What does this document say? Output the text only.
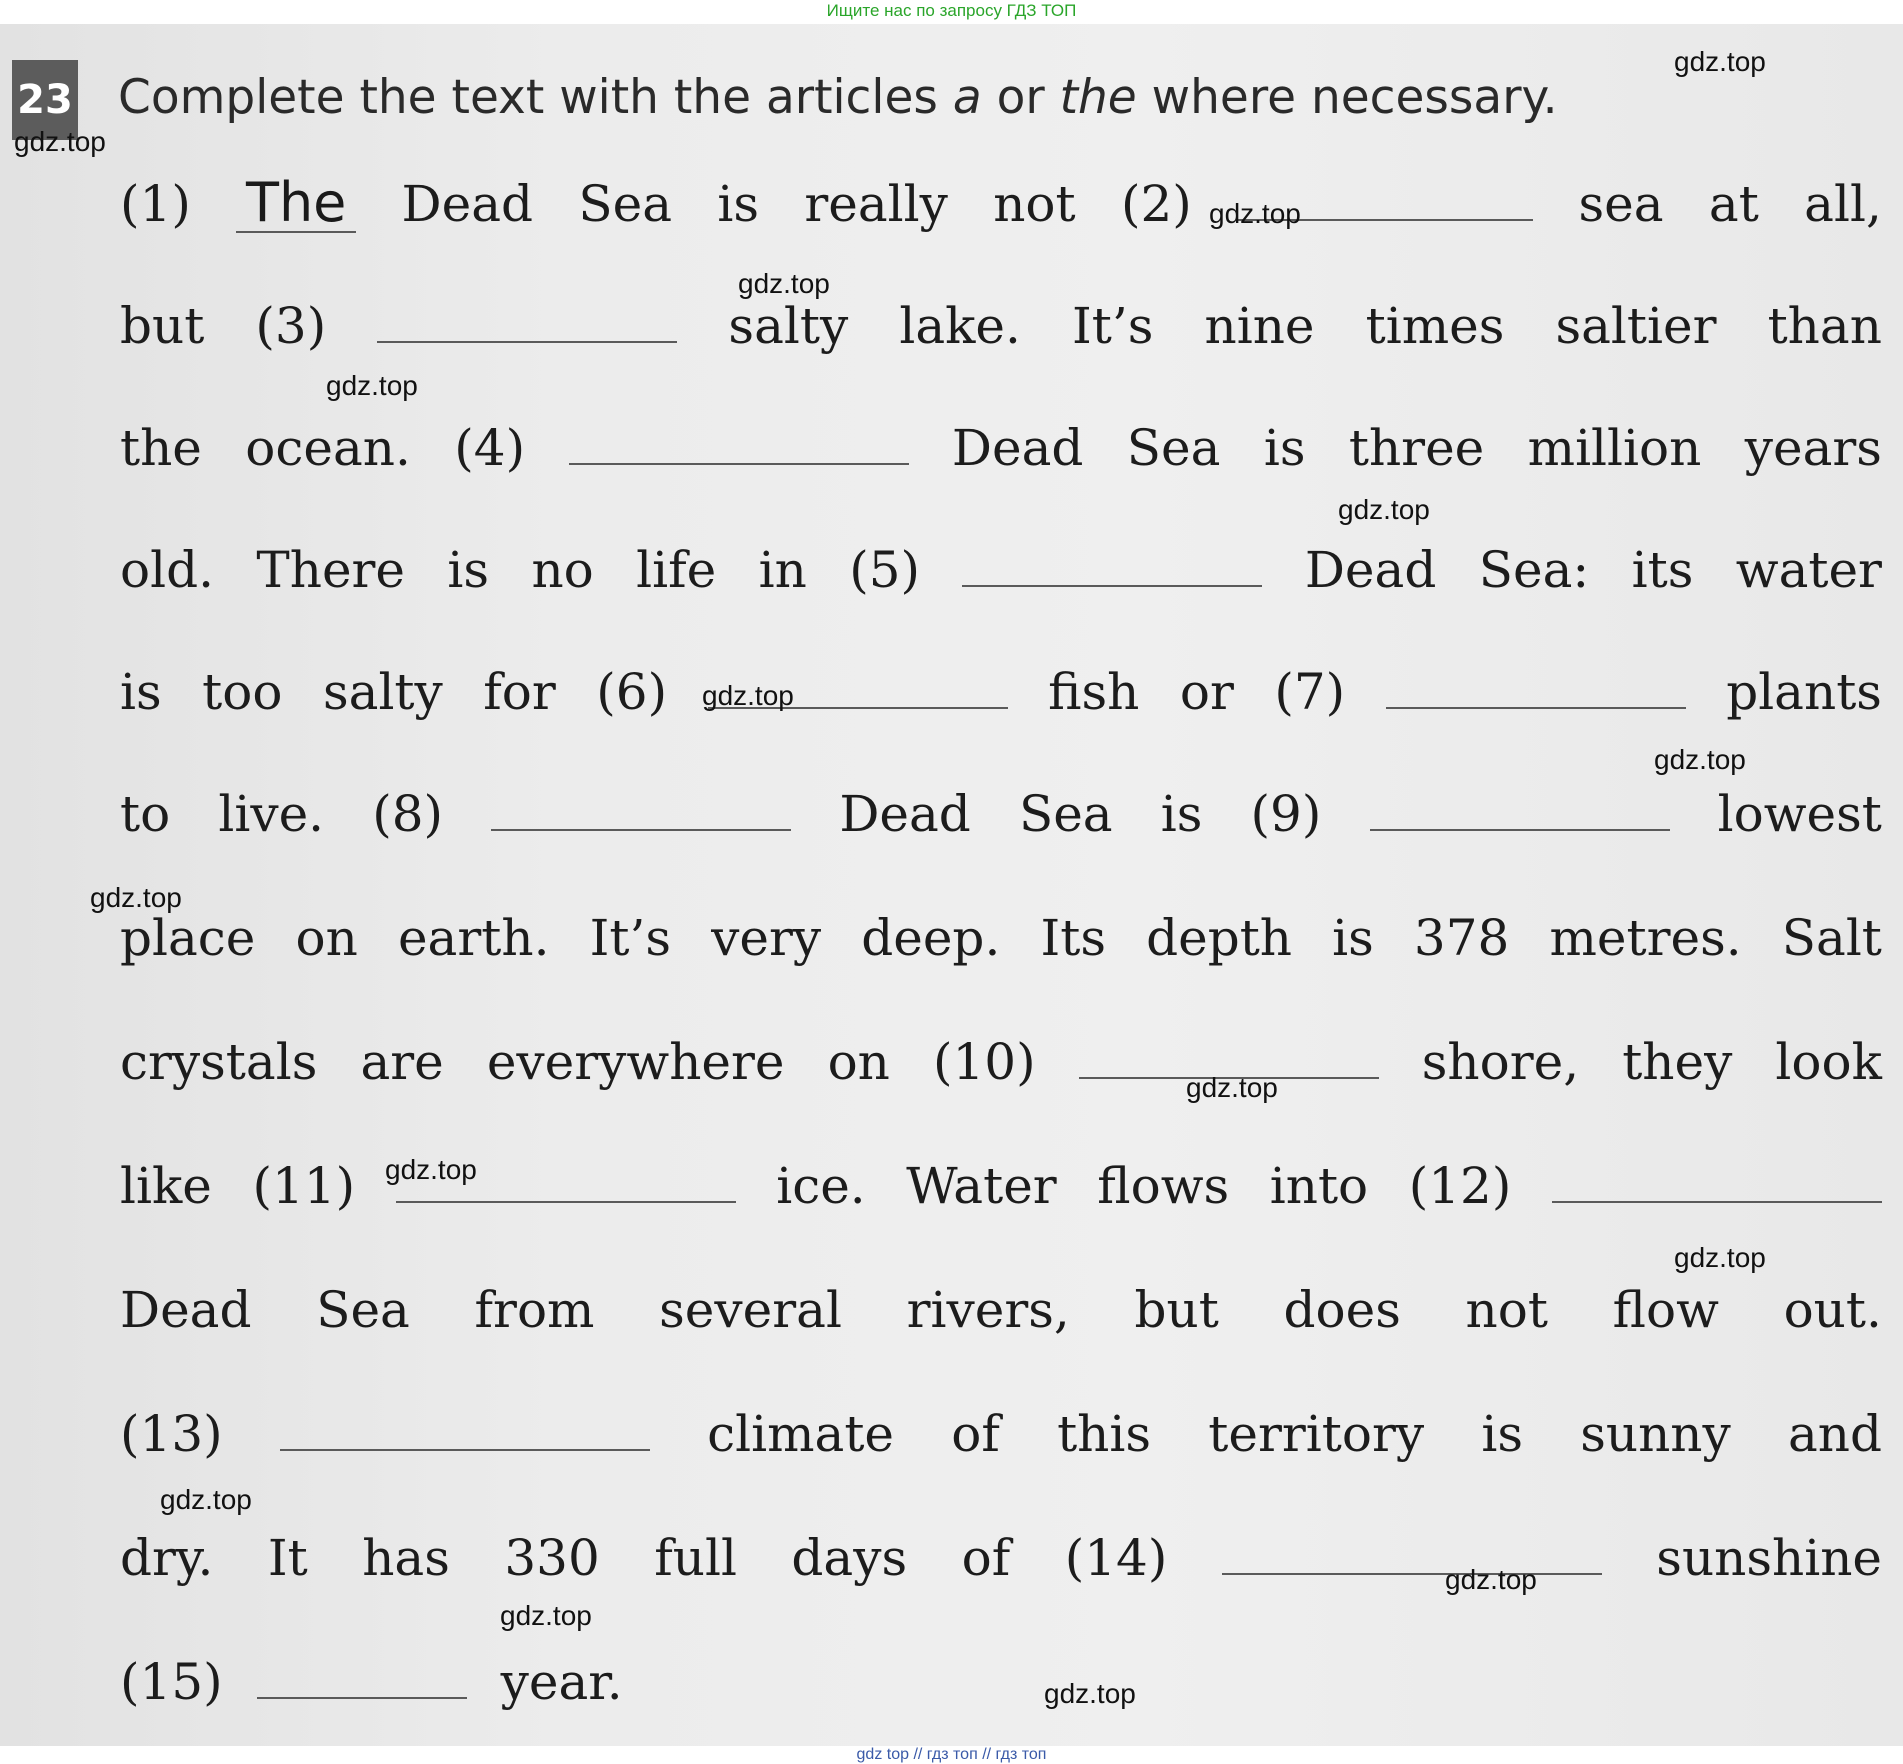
Ищите нас по запросу ГДЗ ТОП
23 Complete the text with the articles a or the where necessary.
(1) The Dead Sea is really not (2)	sea at all,
but (3)	salty lake. It’s nine times saltier than
the ocean. (4)	Dead Sea is three million years
old. There is no life in (5)	Dead Sea: its water
is too salty for (6)	fish or (7)	plants
to live. (8)	Dead Sea is (9)	lowest
place on earth. It’s very deep. Its depth is 378 metres. Salt
crystals are everywhere on (10)	shore, they look
like (11)	ice. Water flows into (12)
Dead Sea from several rivers, but does not flow out.
(13)	climate of this territory is sunny and
dry. It has 330 full days of (14)	sunshine
(15)	year.
gdz.top
gdz.top
gdz.top
gdz.top
gdz.top
gdz.top
gdz.top
gdz.top
gdz.top
gdz.top
gdz.top
gdz.top
gdz.top
gdz.top
gdz.top
gdz.top
gdz top // гдз топ // гдз топ
